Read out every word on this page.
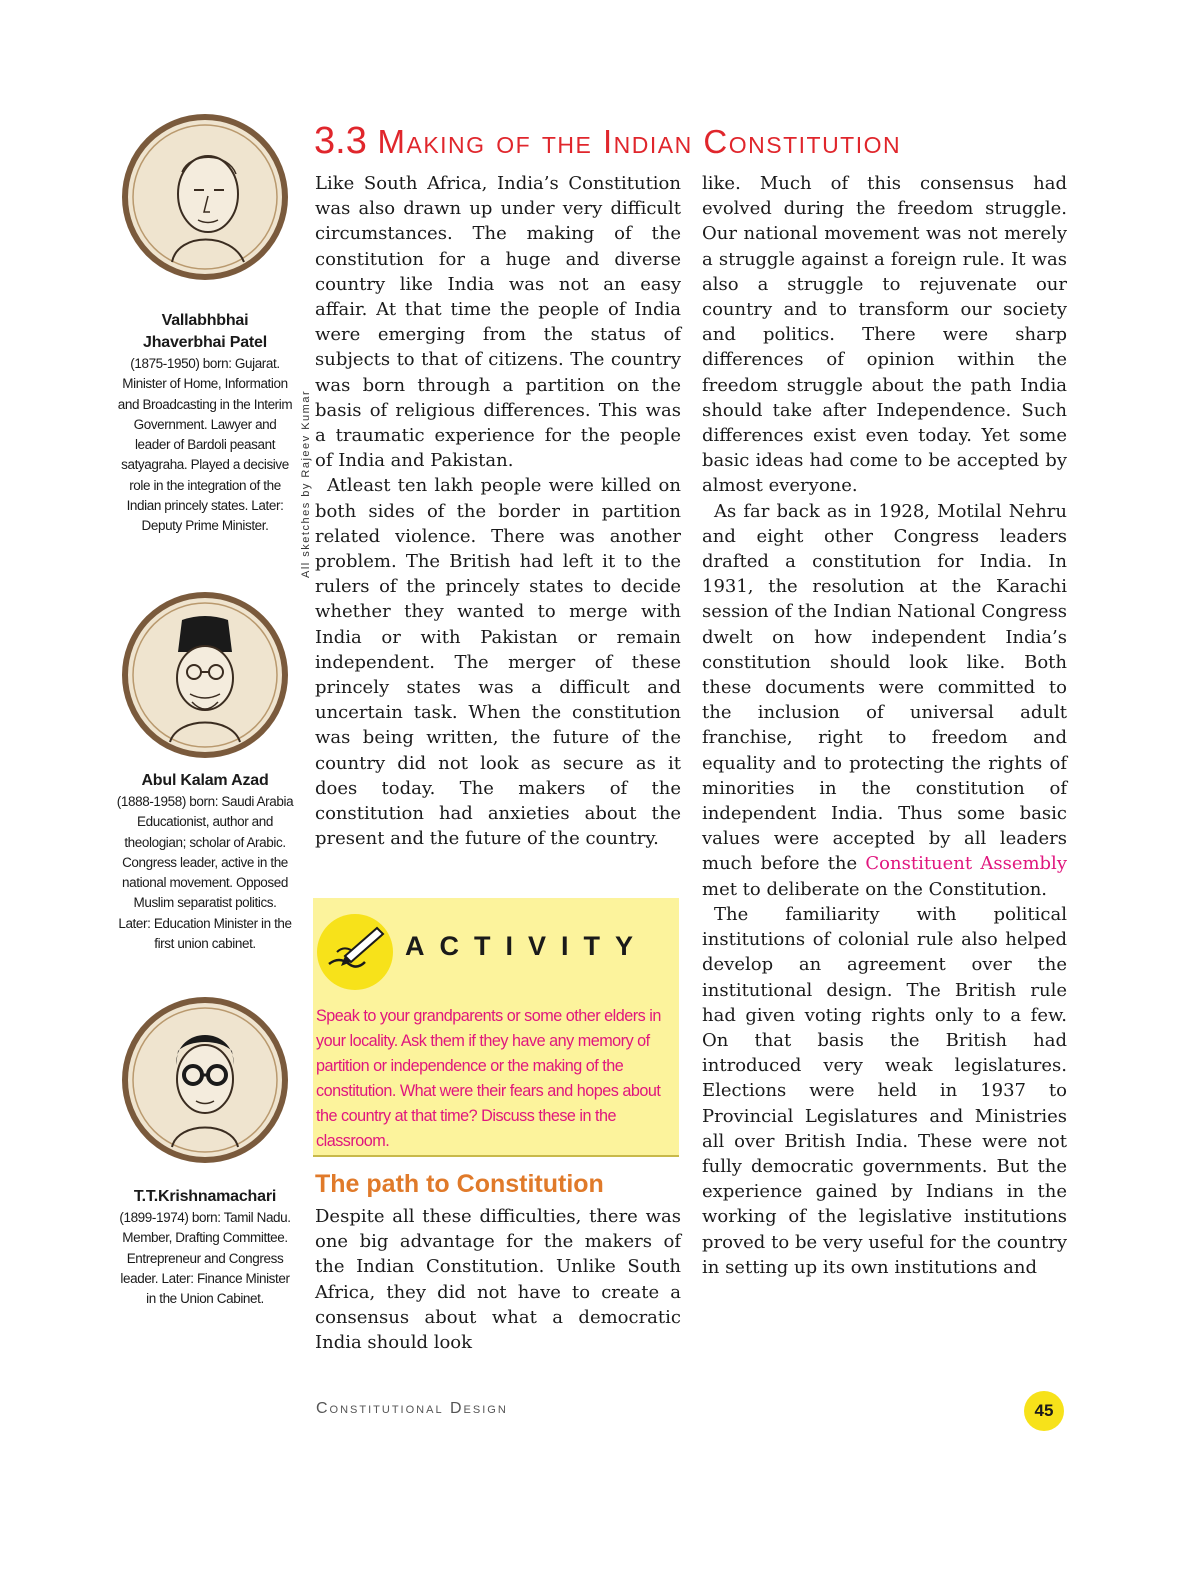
Vallabhbhai
Jhaverbhai Patel
(1875-1950) born: Gujarat. Minister of Home, Information and Broadcasting in the Interim Government. Lawyer and leader of Bardoli peasant satyagraha. Played a decisive role in the integration of the Indian princely states. Later: Deputy Prime Minister.
Abul Kalam Azad
(1888-1958) born: Saudi Arabia Educationist, author and theologian; scholar of Arabic. Congress leader, active in the national movement. Opposed Muslim separatist politics. Later: Education Minister in the first union cabinet.
T.T.Krishnamachari
(1899-1974) born: Tamil Nadu. Member, Drafting Committee. Entrepreneur and Congress leader. Later: Finance Minister in the Union Cabinet.
All sketches by Rajeev Kumar
3.3 Making of the Indian Constitution

Like South Africa, India’s Constitution was also drawn up under very difficult circumstances. The making of the constitution for a huge and diverse country like India was not an easy affair. At that time the people of India were emerging from the status of subjects to that of citizens. The country was born through a partition on the basis of religious differences. This was a traumatic experience for the people of India and Pakistan.

Atleast ten lakh people were killed on both sides of the border in partition related violence. There was another problem. The British had left it to the rulers of the princely states to decide whether they wanted to merge with India or with Pakistan or remain independent. The merger of these princely states was a difficult and uncertain task. When the constitution was being written, the future of the country did not look as secure as it does today. The makers of the constitution had anxieties about the present and the future of the country.

ACTIVITY

Speak to your grandparents or some other elders in your locality. Ask them if they have any memory of partition or independence or the making of the constitution. What were their fears and hopes about the country at that time? Discuss these in the classroom.

The path to Constitution

Despite all these difficulties, there was one big advantage for the makers of the Indian Constitution. Unlike South Africa, they did not have to create a consensus about what a democratic India should look

like. Much of this consensus had evolved during the freedom struggle. Our national movement was not merely a struggle against a foreign rule. It was also a struggle to rejuvenate our country and to transform our society and politics. There were sharp differences of opinion within the freedom struggle about the path India should take after Independence. Such differences exist even today. Yet some basic ideas had come to be accepted by almost everyone.

As far back as in 1928, Motilal Nehru and eight other Congress leaders drafted a constitution for India. In 1931, the resolution at the Karachi session of the Indian National Congress dwelt on how independent India’s constitution should look like. Both these documents were committed to the inclusion of universal adult franchise, right to freedom and equality and to protecting the rights of minorities in the constitution of independent India. Thus some basic values were accepted by all leaders much before the Constituent Assembly met to deliberate on the Constitution.

The familiarity with political institutions of colonial rule also helped develop an agreement over the institutional design. The British rule had given voting rights only to a few. On that basis the British had introduced very weak legislatures. Elections were held in 1937 to Provincial Legislatures and Ministries all over British India. These were not fully democratic governments. But the experience gained by Indians in the working of the legislative institutions proved to be very useful for the country in setting up its own institutions and

Constitutional Design	45
